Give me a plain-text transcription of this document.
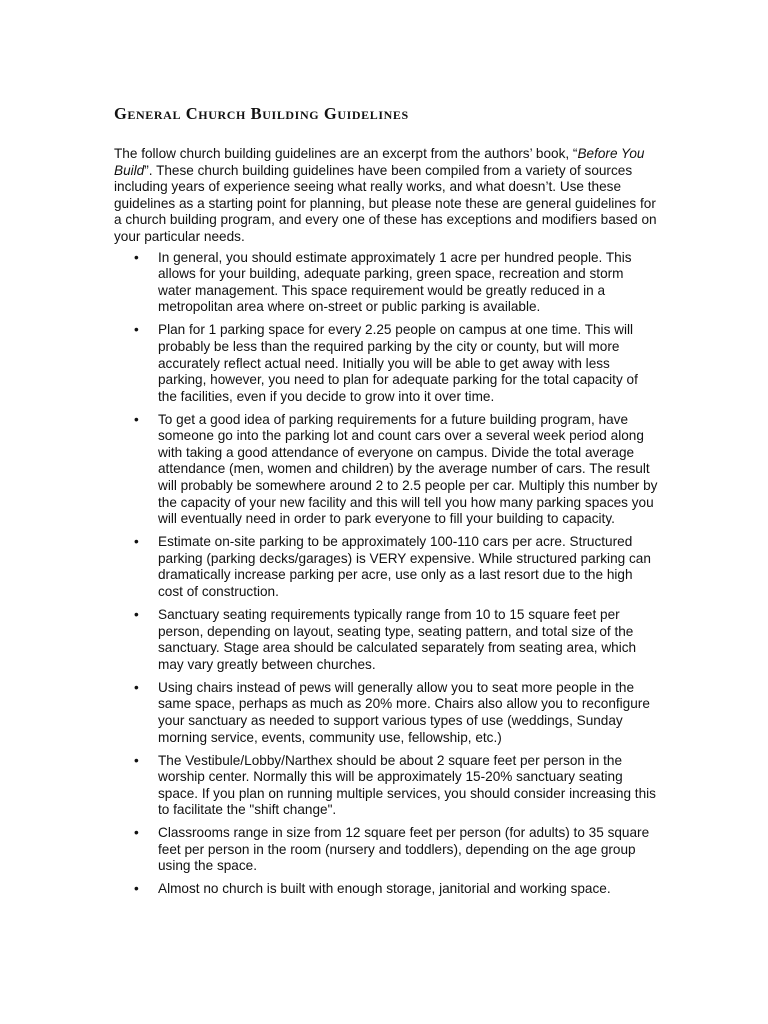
General Church Building Guidelines

The follow church building guidelines are an excerpt from the authors’ book, “Before You Build”. These church building guidelines have been compiled from a variety of sources including years of experience seeing what really works, and what doesn’t. Use these guidelines as a starting point for planning, but please note these are general guidelines for a church building program, and every one of these has exceptions and modifiers based on your particular needs.

• In general, you should estimate approximately 1 acre per hundred people. This allows for your building, adequate parking, green space, recreation and storm water management. This space requirement would be greatly reduced in a metropolitan area where on-street or public parking is available.
• Plan for 1 parking space for every 2.25 people on campus at one time. This will probably be less than the required parking by the city or county, but will more accurately reflect actual need. Initially you will be able to get away with less parking, however, you need to plan for adequate parking for the total capacity of the facilities, even if you decide to grow into it over time.
• To get a good idea of parking requirements for a future building program, have someone go into the parking lot and count cars over a several week period along with taking a good attendance of everyone on campus. Divide the total average attendance (men, women and children) by the average number of cars. The result will probably be somewhere around 2 to 2.5 people per car. Multiply this number by the capacity of your new facility and this will tell you how many parking spaces you will eventually need in order to park everyone to fill your building to capacity.
• Estimate on-site parking to be approximately 100-110 cars per acre. Structured parking (parking decks/garages) is VERY expensive. While structured parking can dramatically increase parking per acre, use only as a last resort due to the high cost of construction.
• Sanctuary seating requirements typically range from 10 to 15 square feet per person, depending on layout, seating type, seating pattern, and total size of the sanctuary. Stage area should be calculated separately from seating area, which may vary greatly between churches.
• Using chairs instead of pews will generally allow you to seat more people in the same space, perhaps as much as 20% more. Chairs also allow you to reconfigure your sanctuary as needed to support various types of use (weddings, Sunday morning service, events, community use, fellowship, etc.)
• The Vestibule/Lobby/Narthex should be about 2 square feet per person in the worship center. Normally this will be approximately 15-20% sanctuary seating space. If you plan on running multiple services, you should consider increasing this to facilitate the "shift change".
• Classrooms range in size from 12 square feet per person (for adults) to 35 square feet per person in the room (nursery and toddlers), depending on the age group using the space.
• Almost no church is built with enough storage, janitorial and working space.
